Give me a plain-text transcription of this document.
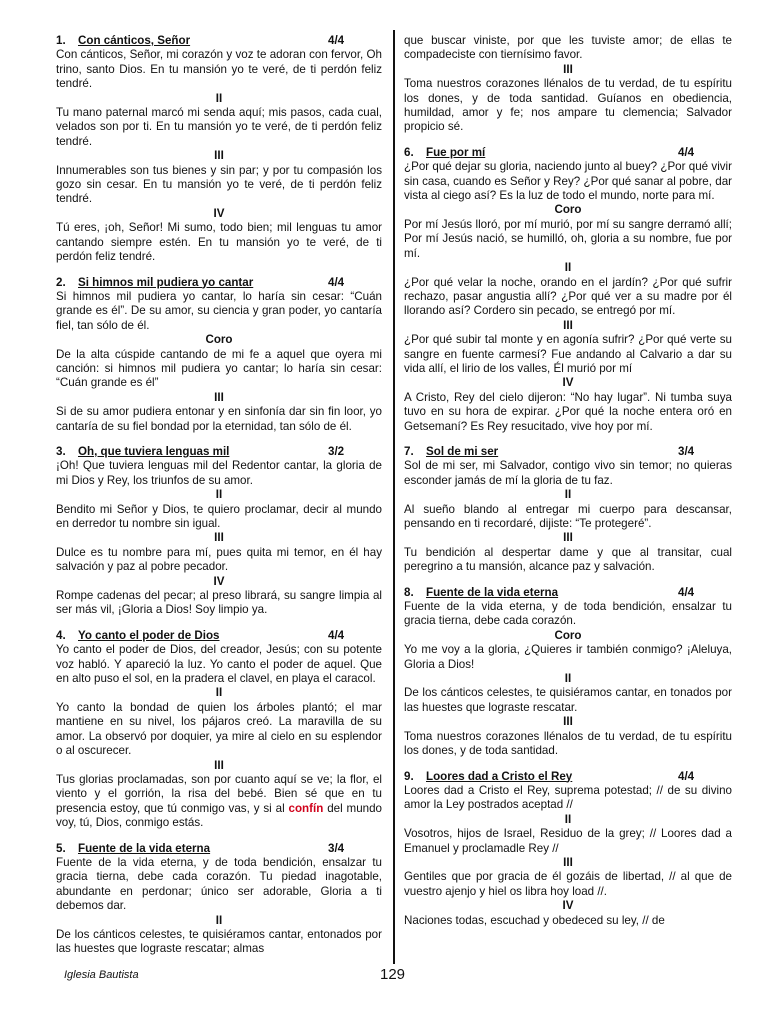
1.	Con cánticos, Señor	4/4

Con cánticos, Señor, mi corazón y voz te adoran con fervor, Oh trino, santo Dios. En tu mansión yo te veré, de ti perdón feliz tendré.

II

Tu mano paternal marcó mi senda aquí; mis pasos, cada cual, velados son por ti. En tu mansión yo te veré, de ti perdón feliz tendré.

III

Innumerables son tus bienes y sin par; y por tu compasión los gozo sin cesar. En tu mansión yo te veré, de ti perdón feliz tendré.

IV

Tú eres, ¡oh, Señor! Mi sumo, todo bien; mil lenguas tu amor cantando siempre estén. En tu mansión yo te veré, de ti perdón feliz tendré.

2.	Si himnos mil pudiera yo cantar	4/4

Si himnos mil pudiera yo cantar, lo haría sin cesar: “Cuán grande es él”. De su amor, su ciencia y gran poder, yo cantaría fiel, tan sólo de él.

Coro

De la alta cúspide cantando de mi fe a aquel que oyera mi canción: si himnos mil pudiera yo cantar; lo haría sin cesar: “Cuán grande es él”

III

Si de su amor pudiera entonar y en sinfonía dar sin fin loor, yo cantaría de su fiel bondad por la eternidad, tan sólo de él.

3.	Oh, que tuviera lenguas mil	3/2

¡Oh! Que tuviera lenguas mil del Redentor cantar, la gloria de mi Dios y Rey, los triunfos de su amor.

II

Bendito mi Señor y Dios, te quiero proclamar, decir al mundo en derredor tu nombre sin igual.

III

Dulce es tu nombre para mí, pues quita mi temor, en él hay salvación y paz al pobre pecador.

IV

Rompe cadenas del pecar; al preso librará, su sangre limpia al ser más vil, ¡Gloria a Dios! Soy limpio ya.

4.	Yo canto el poder de Dios	4/4

Yo canto el poder de Dios, del creador, Jesús; con su potente voz habló. Y apareció la luz. Yo canto el poder de aquel. Que en alto puso el sol, en la pradera el clavel, en playa el caracol.

II

Yo canto la bondad de quien los árboles plantó; el mar mantiene en su nivel, los pájaros creó. La maravilla de su amor. La observó por doquier, ya mire al cielo en su esplendor o al oscurecer.

III

Tus glorias proclamadas, son por cuanto aquí se ve; la flor, el viento y el gorrión, la risa del bebé. Bien sé que en tu presencia estoy, que tú conmigo vas, y si al confín del mundo voy, tú, Dios, conmigo estás.

5.	Fuente de la vida eterna	3/4

Fuente de la vida eterna, y de toda bendición, ensalzar tu gracia tierna, debe cada corazón. Tu piedad inagotable, abundante en perdonar; único ser adorable, Gloria a ti debemos dar.

II

De los cánticos celestes, te quisiéramos cantar, entonados por las huestes que lograste rescatar; almas

que buscar viniste, por que les tuviste amor; de ellas te compadeciste con tiernísimo favor.

III

Toma nuestros corazones llénalos de tu verdad, de tu espíritu los dones, y de toda santidad. Guíanos en obediencia, humildad, amor y fe; nos ampare tu clemencia; Salvador propicio sé.

6.	Fue por mí	4/4

¿Por qué dejar su gloria, naciendo junto al buey? ¿Por qué vivir sin casa, cuando es Señor y Rey? ¿Por qué sanar al pobre, dar vista al ciego así? Es la luz de todo el mundo, norte para mí.

Coro

Por mí Jesús lloró, por mí murió, por mí su sangre derramó allí; Por mí Jesús nació, se humilló, oh, gloria a su nombre, fue por mí.

II

¿Por qué velar la noche, orando en el jardín? ¿Por qué sufrir rechazo, pasar angustia allí? ¿Por qué ver a su madre por él llorando así? Cordero sin pecado, se entregó por mí.

III

¿Por qué subir tal monte y en agonía sufrir? ¿Por qué verte su sangre en fuente carmesí? Fue andando al Calvario a dar su vida allí, el lirio de los valles, Él murió por mí

IV

A Cristo, Rey del cielo dijeron: “No hay lugar”. Ni tumba suya tuvo en su hora de expirar. ¿Por qué la noche entera oró en Getsemaní? Es Rey resucitado, vive hoy por mí.

7.	Sol de mi ser	3/4

Sol de mi ser, mi Salvador, contigo vivo sin temor; no quieras esconder jamás de mí la gloria de tu faz.

II

Al sueño blando al entregar mi cuerpo para descansar, pensando en ti recordaré, dijiste: “Te protegeré”.

III

Tu bendición al despertar dame y que al transitar, cual peregrino a tu mansión, alcance paz y salvación.

8.	Fuente de la vida eterna	4/4

Fuente de la vida eterna, y de toda bendición, ensalzar tu gracia tierna, debe cada corazón.

Coro

Yo me voy a la gloria, ¿Quieres ir también conmigo? ¡Aleluya, Gloria a Dios!

II

De los cánticos celestes, te quisiéramos cantar, en tonados por las huestes que lograste rescatar.

III

Toma nuestros corazones llénalos de tu verdad, de tu espíritu los dones, y de toda santidad.

9.	Loores dad a Cristo el Rey	4/4

Loores dad a Cristo el Rey, suprema potestad; // de su divino amor la Ley postrados aceptad //

II

Vosotros, hijos de Israel, Residuo de la grey; // Loores dad a Emanuel y proclamadle Rey //

III

Gentiles que por gracia de él gozáis de libertad, // al que de vuestro ajenjo y hiel os libra hoy load //.

IV

Naciones todas, escuchad y obedeced su ley, // de

Iglesia Bautista	129
